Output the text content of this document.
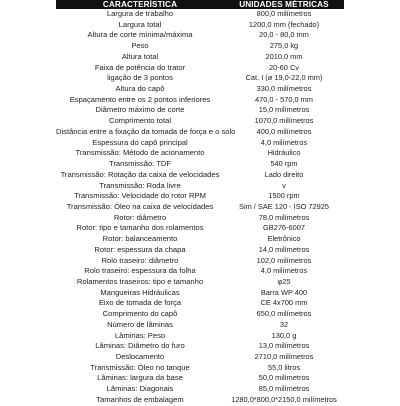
CARACTERÍSTICA	UNIDADES MÉTRICAS
Largura de trabalho	800,0 milímetros
Largura total	1200,0 mm (fechado)
Altura de corte mínima/máxima	20,0 - 80,0 mm
Peso	275,0 kg
Altura total	2010,0 mm
Faixa de potência do trator	20-60 Cv
ligação de 3 pontos	Cat. I (ø 19,0-22,0 mm)
Altura do capô	330,0 milímetros
Espaçamento entre os 2 pontos inferiores	470,0 - 570,0 mm
Diâmetro máximo de corte	15,0 milímetros
Comprimento total	1070,0 milímetros
Distância entre a fixação da tomada de força e o solo	400,0 milímetros
Espessura do capô principal	4,0 milímetros
Transmissão: Método de acionamento	Hidráulico
Transmissão: TDF	540 rpm
Transmissão: Rotação da caixa de velocidades	Lado direito
Transmissão: Roda livre	v
Transmissão: Velocidade do rotor RPM	1500 rpm
Transmissão: Óleo na caixa de velocidades	Sim / SAE 120 - ISO 72925
Rotor: diâmetro	78,0 milímetros
Rotor: tipo e tamanho dos rolamentos	GB276-6007
Rotor: balanceamento	Eletrônico
Rotor: espessura da chapa	14,0 milímetros
Rolo traseiro: diâmetro	102,0 milímetros
Rolo traseiro: espessura da folha	4,0 milímetros
Rolamentos traseiros: tipo e tamanho	φ25
Mangueiras Hidráulicas	Barra WP 400
Eixo de tomada de força	CE 4x700 mm
Comprimento do capô	650,0 milímetros
Número de lâminas	32
Lâminas: Peso	130,0 g
Lâminas: Diâmetro do furo	13,0 milímetros
Deslocamento	2710,0 milímetros
Transmissão: Óleo no tanque	55,0 litros
Lâminas: largura da base	50,0 milímetros
Lâminas: Diagonais	85,0 milímetros
Tamanhos de embalagem	1280,0*800,0*2150,0 milímetros
